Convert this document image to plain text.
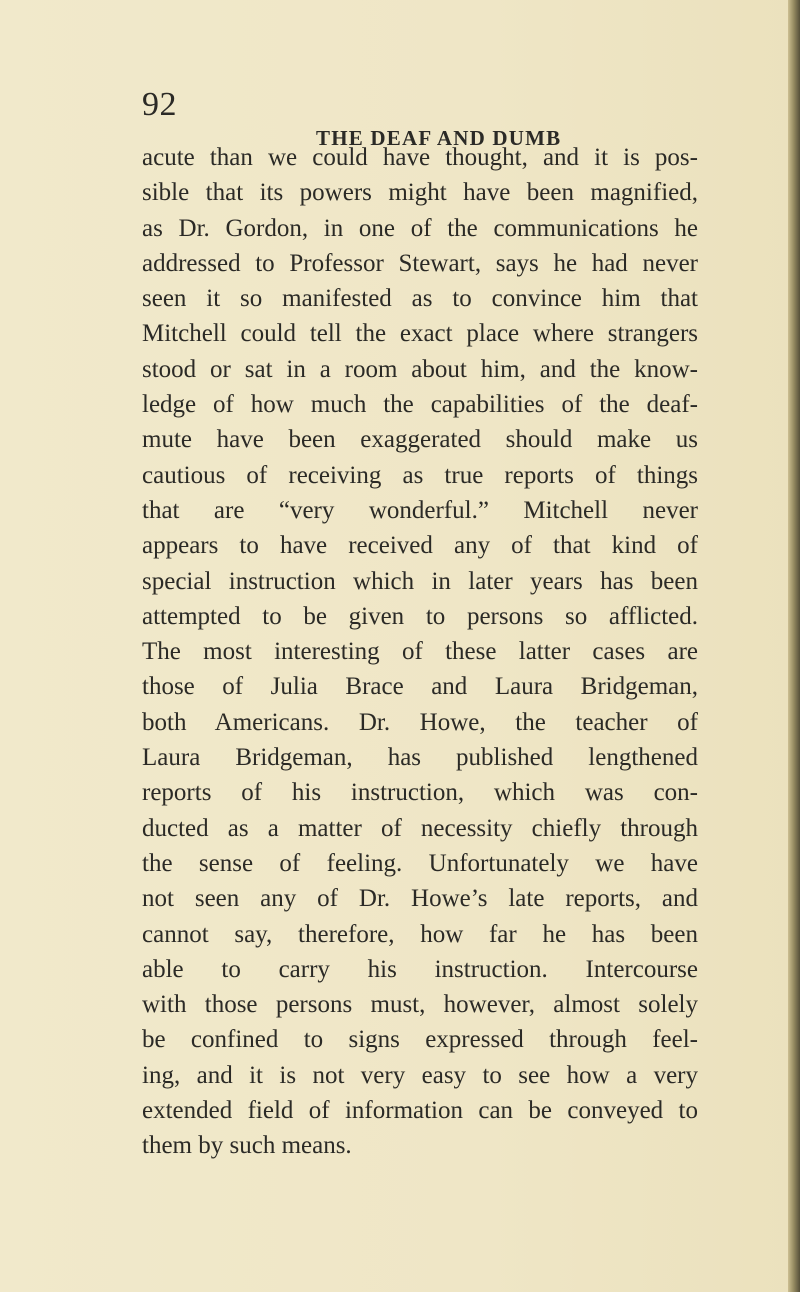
92
THE DEAF AND DUMB
acute than we could have thought, and it is pos-
sible that its powers might have been magnified,
as Dr. Gordon, in one of the communications he
addressed to Professor Stewart, says he had never
seen it so manifested as to convince him that
Mitchell could tell the exact place where strangers
stood or sat in a room about him, and the know-
ledge of how much the capabilities of the deaf-
mute have been exaggerated should make us
cautious of receiving as true reports of things
that are “very wonderful.” Mitchell never
appears to have received any of that kind of
special instruction which in later years has been
attempted to be given to persons so afflicted.
The most interesting of these latter cases are
those of Julia Brace and Laura Bridgeman,
both Americans. Dr. Howe, the teacher of
Laura Bridgeman, has published lengthened
reports of his instruction, which was con-
ducted as a matter of necessity chiefly through
the sense of feeling. Unfortunately we have
not seen any of Dr. Howe’s late reports, and
cannot say, therefore, how far he has been
able to carry his instruction. Intercourse
with those persons must, however, almost solely
be confined to signs expressed through feel-
ing, and it is not very easy to see how a very
extended field of information can be conveyed to
them by such means.
